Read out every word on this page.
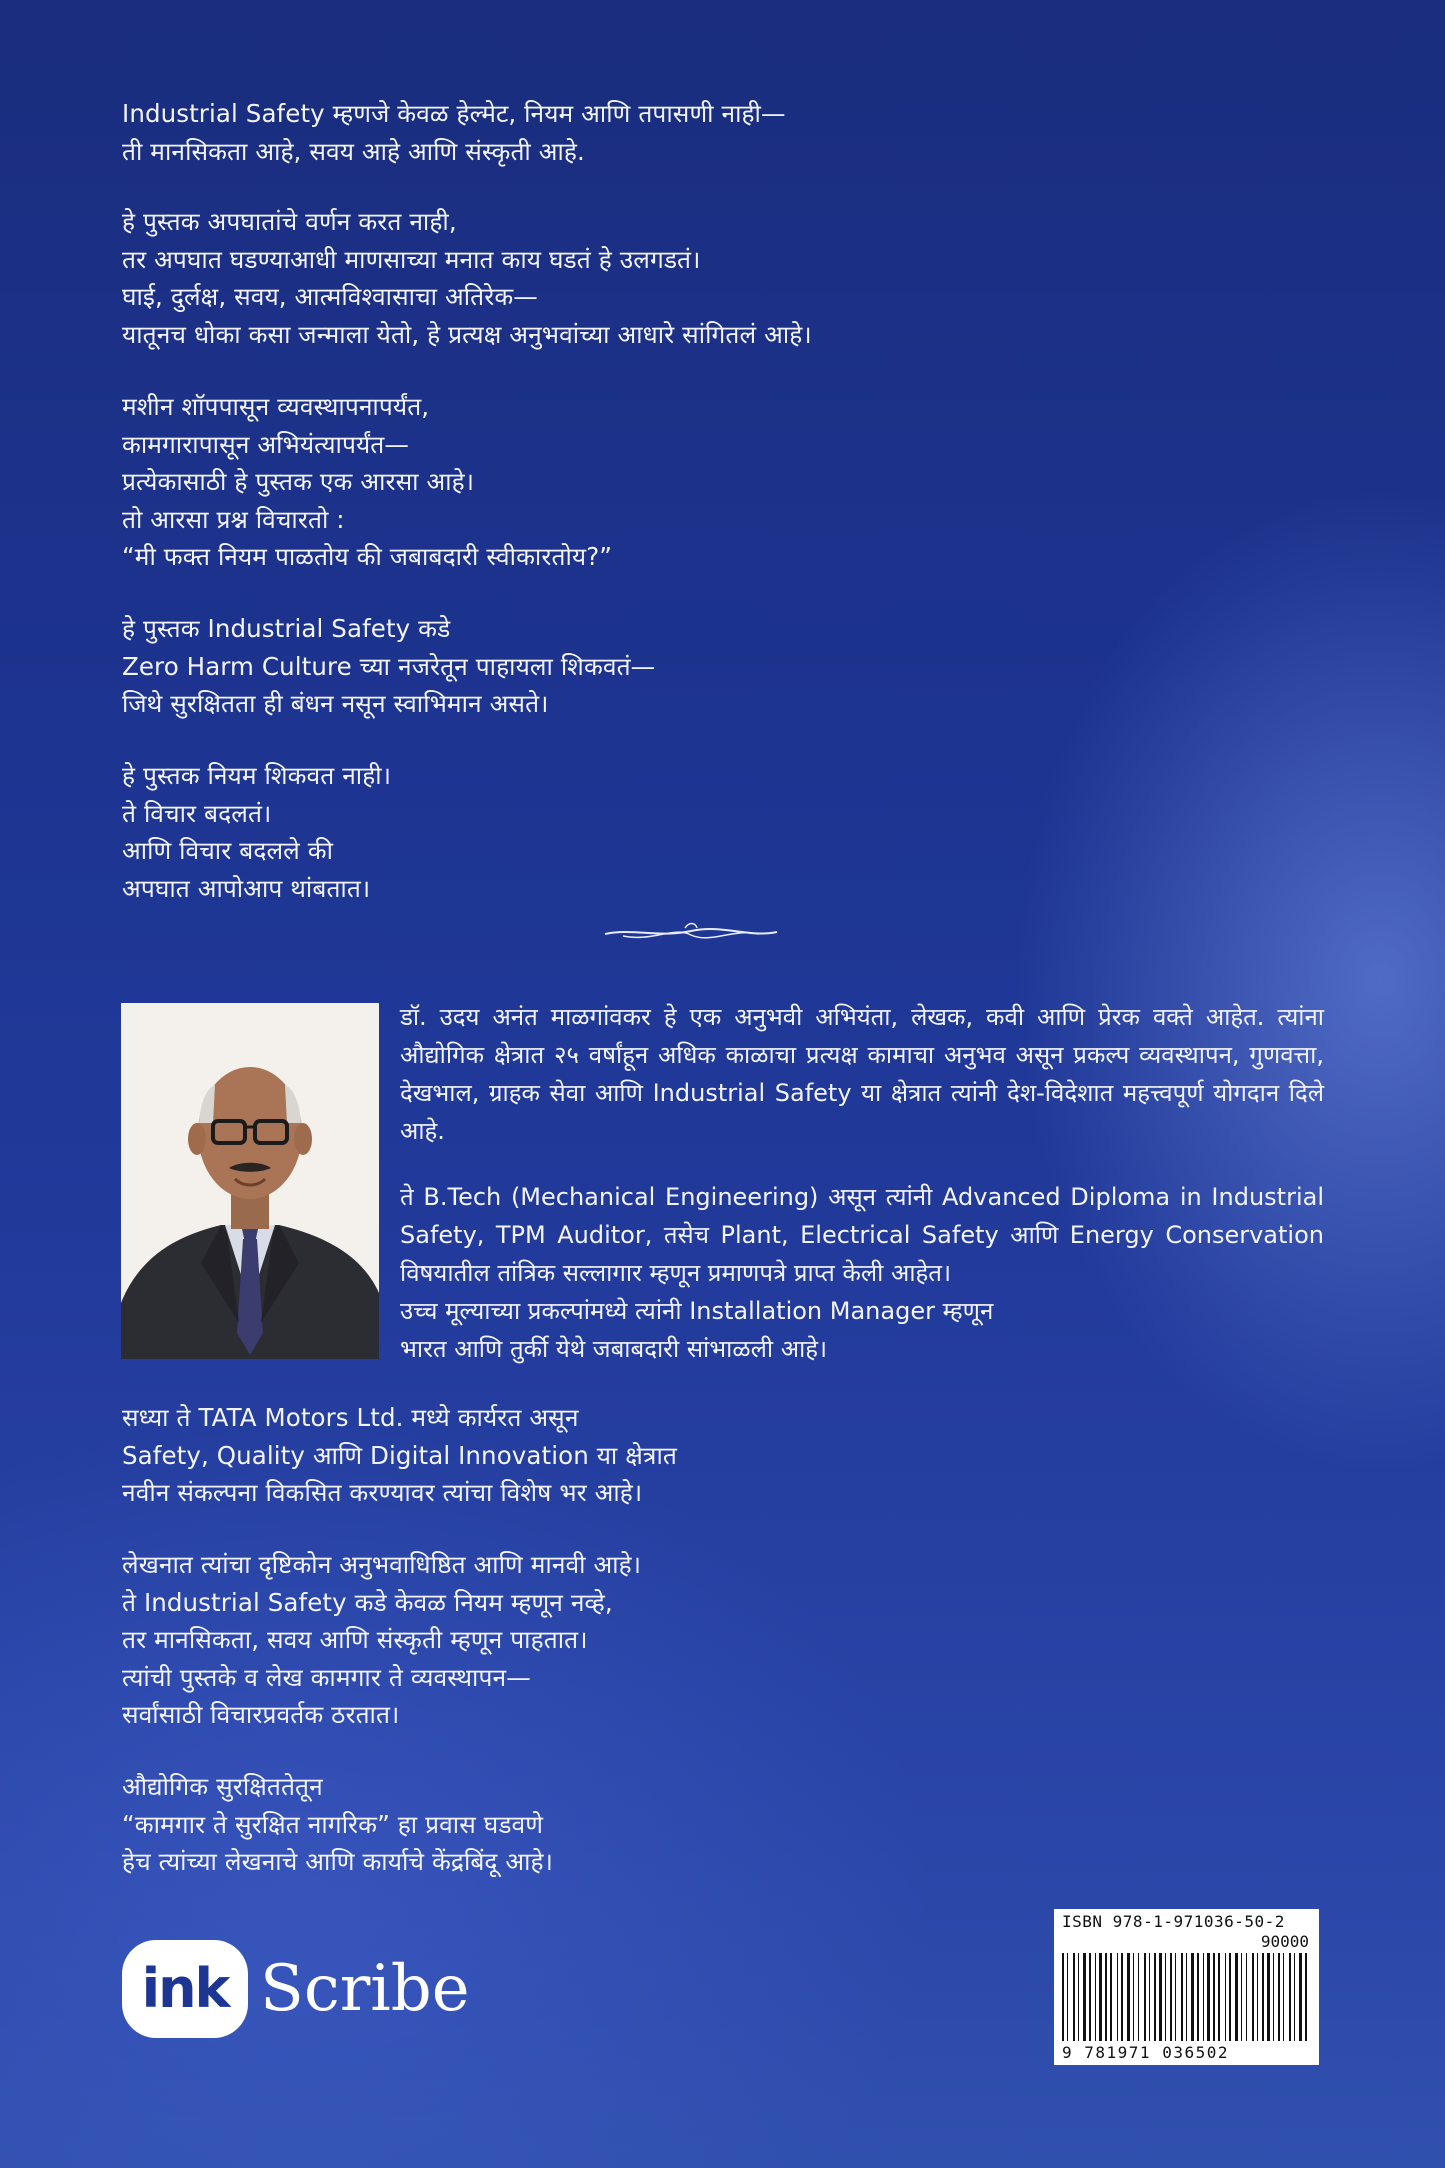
Industrial Safety म्हणजे केवळ हेल्मेट, नियम आणि तपासणी नाही—
ती मानसिकता आहे, सवय आहे आणि संस्कृती आहे.
हे पुस्तक अपघातांचे वर्णन करत नाही,
तर अपघात घडण्याआधी माणसाच्या मनात काय घडतं हे उलगडतं।
घाई, दुर्लक्ष, सवय, आत्मविश्वासाचा अतिरेक—
यातूनच धोका कसा जन्माला येतो, हे प्रत्यक्ष अनुभवांच्या आधारे सांगितलं आहे।
मशीन शॉपपासून व्यवस्थापनापर्यंत,
कामगारापासून अभियंत्यापर्यंत—
प्रत्येकासाठी हे पुस्तक एक आरसा आहे।
तो आरसा प्रश्न विचारतो :
“मी फक्त नियम पाळतोय की जबाबदारी स्वीकारतोय?”
हे पुस्तक Industrial Safety कडे
Zero Harm Culture च्या नजरेतून पाहायला शिकवतं—
जिथे सुरक्षितता ही बंधन नसून स्वाभिमान असते।
हे पुस्तक नियम शिकवत नाही।
ते विचार बदलतं।
आणि विचार बदलले की
अपघात आपोआप थांबतात।

डॉ. उदय अनंत माळगांवकर हे एक अनुभवी अभियंता, लेखक, कवी आणि प्रेरक वक्ते आहेत. त्यांना औद्योगिक क्षेत्रात २५ वर्षांहून अधिक काळाचा प्रत्यक्ष कामाचा अनुभव असून प्रकल्प व्यवस्थापन, गुणवत्ता, देखभाल, ग्राहक सेवा आणि Industrial Safety या क्षेत्रात त्यांनी देश-विदेशात महत्त्वपूर्ण योगदान दिले आहे.

ते B.Tech (Mechanical Engineering) असून त्यांनी Advanced Diploma in Industrial Safety, TPM Auditor, तसेच Plant, Electrical Safety आणि Energy Conservation विषयातील तांत्रिक सल्लागार म्हणून प्रमाणपत्रे प्राप्त केली आहेत।

उच्च मूल्याच्या प्रकल्पांमध्ये त्यांनी Installation Manager म्हणून
भारत आणि तुर्की येथे जबाबदारी सांभाळली आहे।

सध्या ते TATA Motors Ltd. मध्ये कार्यरत असून
Safety, Quality आणि Digital Innovation या क्षेत्रात
नवीन संकल्पना विकसित करण्यावर त्यांचा विशेष भर आहे।
लेखनात त्यांचा दृष्टिकोन अनुभवाधिष्ठित आणि मानवी आहे।
ते Industrial Safety कडे केवळ नियम म्हणून नव्हे,
तर मानसिकता, सवय आणि संस्कृती म्हणून पाहतात।
त्यांची पुस्तके व लेख कामगार ते व्यवस्थापन—
सर्वांसाठी विचारप्रवर्तक ठरतात।
औद्योगिक सुरक्षिततेतून
“कामगार ते सुरक्षित नागरिक” हा प्रवास घडवणे
हेच त्यांच्या लेखनाचे आणि कार्याचे केंद्रबिंदू आहे।
ink Scribe
ISBN 978-1-971036-50-2
90000
9 781971 036502
